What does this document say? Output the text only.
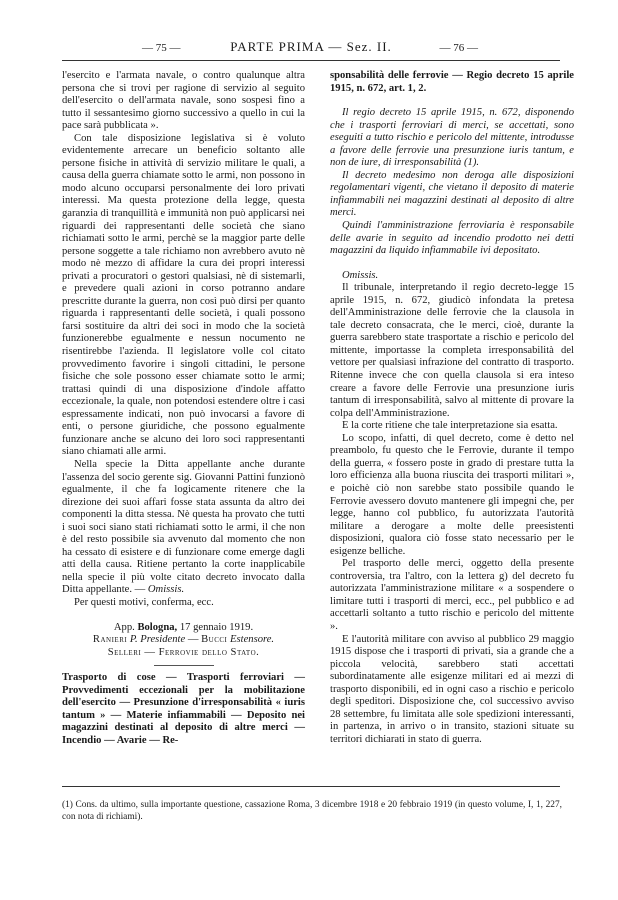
— 75 —	PARTE PRIMA — Sez. II.	— 76 —

l'esercito e l'armata navale, o contro qualunque altra persona che si trovi per ragione di servizio al seguito dell'esercito o dell'armata navale, sono sospesi fino a tutto il sessantesimo giorno successivo a quello in cui la pace sarà pubblicata ».

Con tale disposizione legislativa si è voluto evidentemente arrecare un beneficio soltanto alle persone fisiche in attività di servizio militare le quali, a causa della guerra chiamate sotto le armi, non possono in modo alcuno occuparsi personalmente dei loro privati interessi. Ma questa protezione della legge, questa garanzia di tranquillità e immunità non può applicarsi nei riguardi dei rappresentanti delle società che siano richiamati sotto le armi, perchè se la maggior parte delle persone soggette a tale richiamo non avrebbero avuto nè modo nè mezzo di affidare la cura dei propri interessi privati a procuratori o gestori qualsiasi, nè di sistemarli, e prevedere quali azioni in corso potranno andare prescritte durante la guerra, non così può dirsi per quanto riguarda i rappresentanti delle società, i quali possono farsi sostituire da altri dei soci in modo che la società funzionerebbe egualmente e nessun nocumento ne risentirebbe l'azienda. Il legislatore volle col citato provvedimento favorire i singoli cittadini, le persone fisiche che sole possono esser chiamate sotto le armi; trattasi quindi di una disposizione d'indole affatto eccezionale, la quale, non potendosi estendere oltre i casi espressamente indicati, non può invocarsi a favore di enti, o persone giuridiche, che possono egualmente funzionare anche se alcuno dei loro soci rappresentanti siano chiamati alle armi.

Nella specie la Ditta appellante anche durante l'assenza del socio gerente sig. Giovanni Pattini funzionò egualmente, il che fa logicamente ritenere che la direzione dei suoi affari fosse stata assunta da altro dei componenti la ditta stessa. Nè questa ha provato che tutti i suoi soci siano stati richiamati sotto le armi, il che non è del resto possibile sia avvenuto dal momento che non ha cessato di esistere e di funzionare come emerge dagli atti della causa. Ritiene pertanto la corte inapplicabile nella specie il più volte citato decreto invocato dalla Ditta appellante. — Omissis.

Per questi motivi, conferma, ecc.

App. Bologna, 17 gennaio 1919.

Ranieri P. Presidente — Bucci Estensore.

Selleri — Ferrovie dello Stato.

Trasporto di cose — Trasporti ferroviari — Provvedimenti eccezionali per la mobilitazione dell'esercito — Presunzione d'irresponsabilità « iuris tantum » — Materie infiammabili — Deposito nei magazzini destinati al deposito di altre merci — Incendio — Avarie — Re-

sponsabilità delle ferrovie — Regio decreto 15 aprile 1915, n. 672, art. 1, 2.

Il regio decreto 15 aprile 1915, n. 672, disponendo che i trasporti ferroviari di merci, se accettati, sono eseguiti a tutto rischio e pericolo del mittente, introdusse a favore delle ferrovie una presunzione iuris tantum, e non de iure, di irresponsabilità (1).

Il decreto medesimo non deroga alle disposizioni regolamentari vigenti, che vietano il deposito di materie infiammabili nei magazzini destinati al deposito di altre merci.

Quindi l'amministrazione ferroviaria è responsabile delle avarie in seguito ad incendio prodotto nei detti magazzini da liquido infiammabile ivi depositato.

Omissis.

Il tribunale, interpretando il regio decreto-legge 15 aprile 1915, n. 672, giudicò infondata la pretesa dell'Amministrazione delle ferrovie che la clausola in tale decreto consacrata, che le merci, cioè, durante la guerra sarebbero state trasportate a rischio e pericolo del mittente, importasse la completa irresponsabilità del vettore per qualsiasi infrazione del contratto di trasporto. Ritenne invece che con quella clausola si era inteso creare a favore delle Ferrovie una presunzione iuris tantum di irresponsabilità, salvo al mittente di provare la colpa dell'Amministrazione.

E la corte ritiene che tale interpretazione sia esatta.

Lo scopo, infatti, di quel decreto, come è detto nel preambolo, fu questo che le Ferrovie, durante il tempo della guerra, « fossero poste in grado di prestare tutta la loro efficienza alla buona riuscita dei trasporti militari », e poichè ciò non sarebbe stato possibile quando le Ferrovie avessero dovuto mantenere gli impegni che, per legge, hanno col pubblico, fu autorizzata l'autorità militare a derogare a molte delle preesistenti disposizioni, qualora ciò fosse stato necessario per le esigenze belliche.

Pel trasporto delle merci, oggetto della presente controversia, tra l'altro, con la lettera g) del decreto fu autorizzata l'amministrazione militare « a sospendere o limitare tutti i trasporti di merci, ecc., pel pubblico e ad accettarli soltanto a tutto rischio e pericolo del mittente ».

E l'autorità militare con avviso al pubblico 29 maggio 1915 dispose che i trasporti di privati, sia a grande che a piccola velocità, sarebbero stati accettati subordinatamente alle esigenze militari ed ai mezzi di trasporto disponibili, ed in ogni caso a rischio e pericolo degli speditori. Disposizione che, col successivo avviso 28 settembre, fu limitata alle sole spedizioni interessanti, in partenza, in arrivo o in transito, stazioni situate su territori dichiarati in stato di guerra.

(1) Cons. da ultimo, sulla importante questione, cassazione Roma, 3 dicembre 1918 e 20 febbraio 1919 (in questo volume, I, 1, 227, con nota di richiami).
